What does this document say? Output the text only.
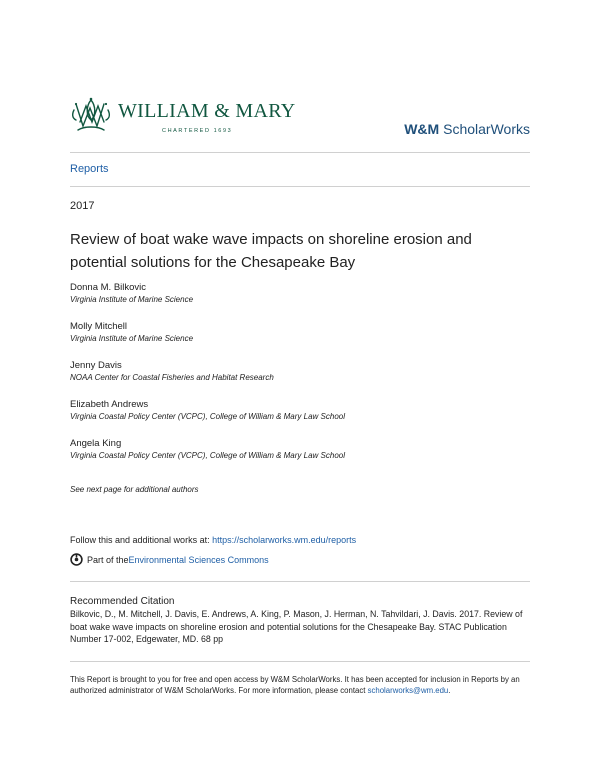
WILLIAM & MARY
CHARTERED 1693	W&M ScholarWorks
Reports
2017
Review of boat wake wave impacts on shoreline erosion and potential solutions for the Chesapeake Bay
Donna M. Bilkovic
Virginia Institute of Marine Science
Molly Mitchell
Virginia Institute of Marine Science
Jenny Davis
NOAA Center for Coastal Fisheries and Habitat Research
Elizabeth Andrews
Virginia Coastal Policy Center (VCPC), College of William & Mary Law School
Angela King
Virginia Coastal Policy Center (VCPC), College of William & Mary Law School
See next page for additional authors
Follow this and additional works at: https://scholarworks.wm.edu/reports
Part of the Environmental Sciences Commons
Recommended Citation
Bilkovic, D., M. Mitchell, J. Davis, E. Andrews, A. King, P. Mason, J. Herman, N. Tahvildari, J. Davis. 2017. Review of boat wake wave impacts on shoreline erosion and potential solutions for the Chesapeake Bay. STAC Publication Number 17-002, Edgewater, MD. 68 pp
This Report is brought to you for free and open access by W&M ScholarWorks. It has been accepted for inclusion in Reports by an authorized administrator of W&M ScholarWorks. For more information, please contact scholarworks@wm.edu.
